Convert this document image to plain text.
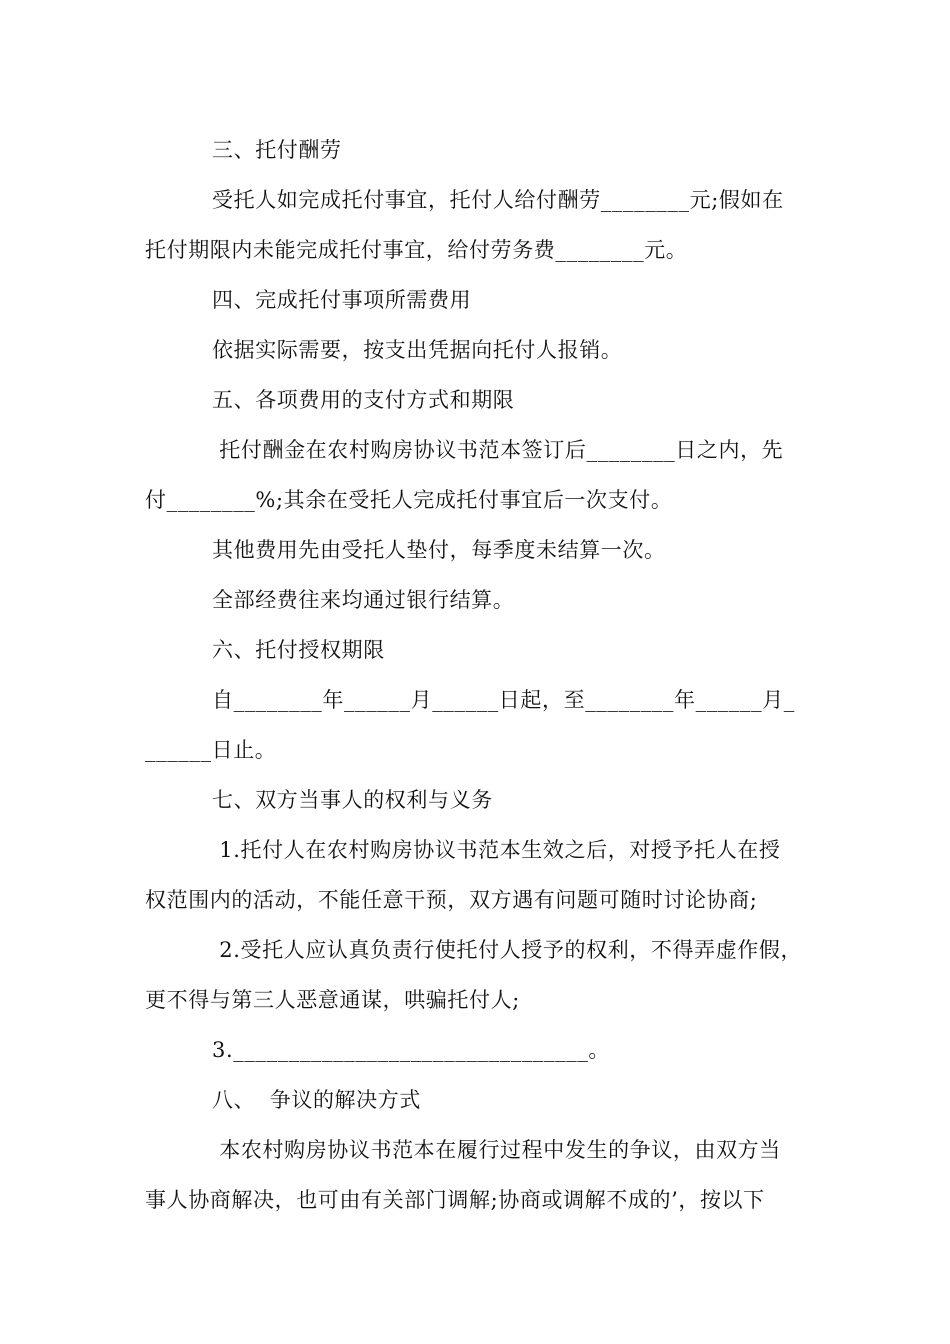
三、托付酬劳
受托人如完成托付事宜，托付人给付酬劳________元;假如在
托付期限内未能完成托付事宜，给付劳务费________元。
四、完成托付事项所需费用
依据实际需要，按支出凭据向托付人报销。
五、各项费用的支付方式和期限
托付酬金在农村购房协议书范本签订后________日之内，先
付________%;其余在受托人完成托付事宜后一次支付。
其他费用先由受托人垫付，每季度未结算一次。
全部经费往来均通过银行结算。
六、托付授权期限
自________年______月______日起，至________年______月_
______日止。
七、双方当事人的权利与义务
1.托付人在农村购房协议书范本生效之后，对授予托人在授
权范围内的活动，不能任意干预，双方遇有问题可随时讨论协商;
2.受托人应认真负责行使托付人授予的权利，不得弄虚作假，
更不得与第三人恶意通谋，哄骗托付人;
3.________________________________。
八、  争议的解决方式
本农村购房协议书范本在履行过程中发生的争议，由双方当
事人协商解决，也可由有关部门调解;协商或调解不成的’，按以下
